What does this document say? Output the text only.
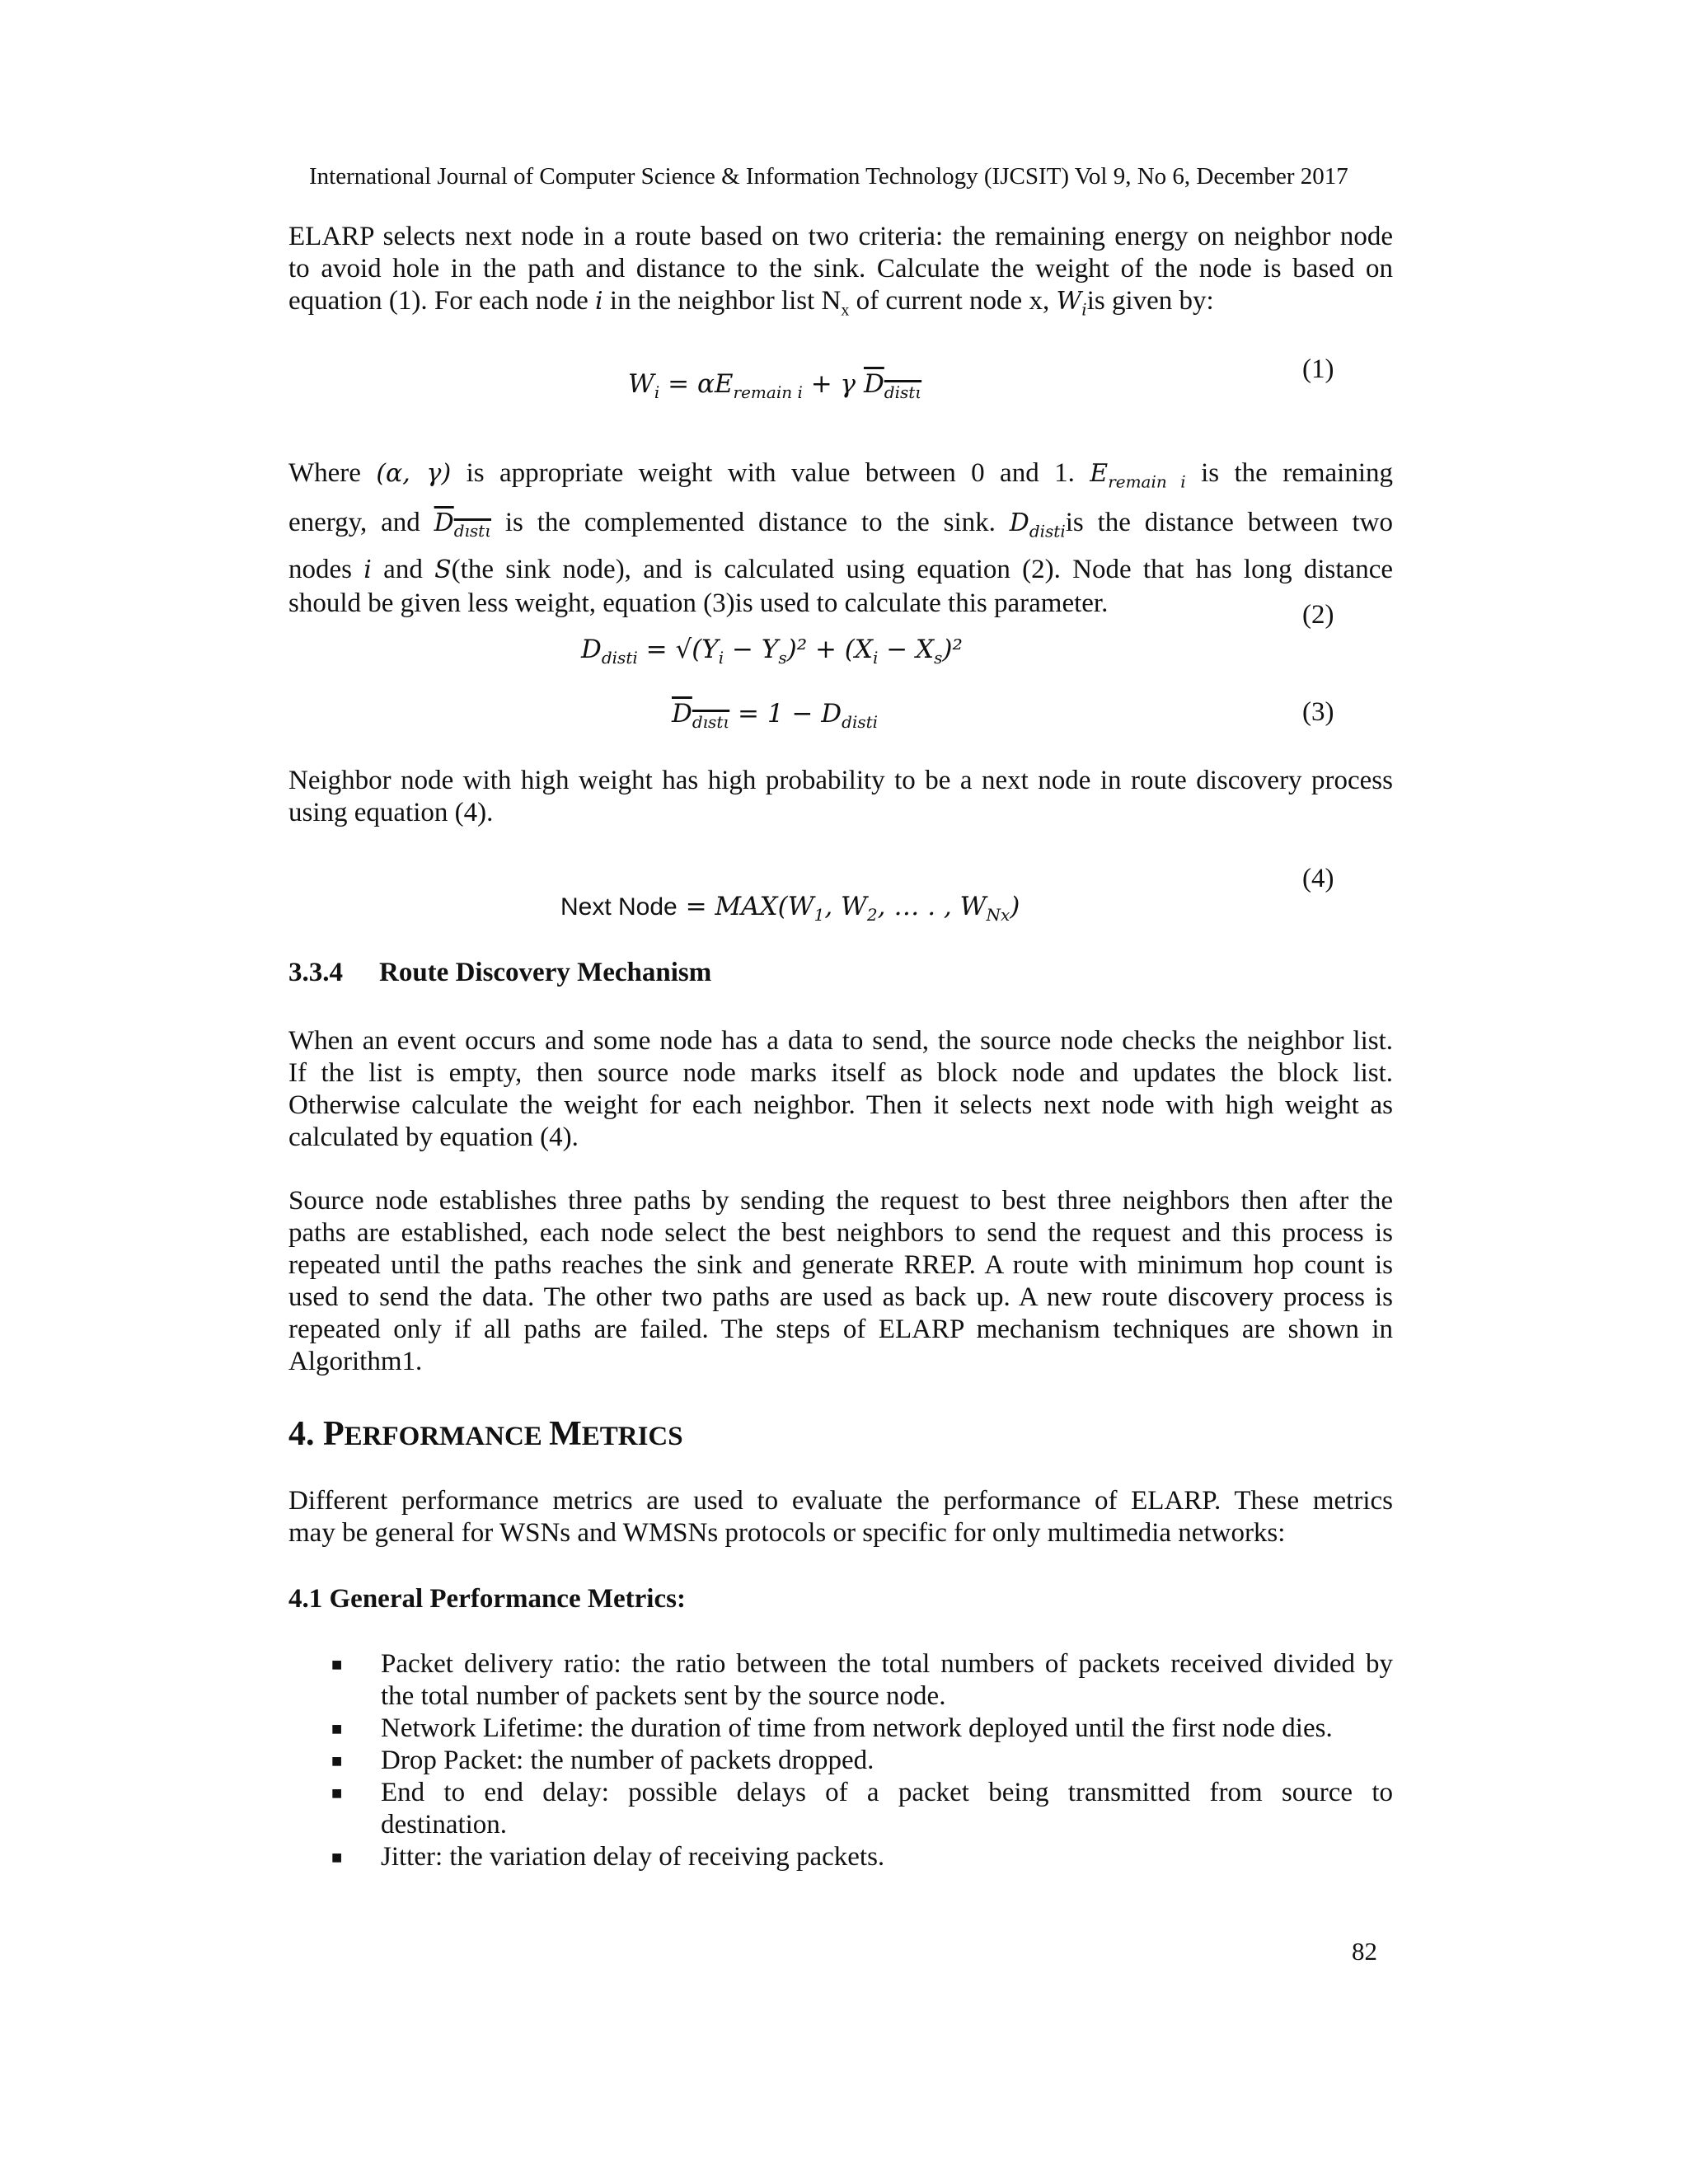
International Journal of Computer Science & Information Technology (IJCSIT) Vol 9, No 6, December 2017
ELARP selects next node in a route based on two criteria: the remaining energy on neighbor node
to avoid hole in the path and distance to the sink. Calculate the weight of the node is based on
equation (1). For each node i in the neighbor list $N_x$ of current node x, $W_iis$ given by:
$W_i = \alpha E_{remain i} + \gamma$ $D_{dist\iota}$
(1)
Where (α, γ) is appropriate weight with value between 0 and 1. $E_{remain i}$ is the remaining
energy, and $D_{dıst\iota}$ is the complemented distance to the sink. $D_{disti}is$ the distance between two
nodes i and S(the sink node), and is calculated using equation (2). Node that has long distance
should be given less weight, equation (3)is used to calculate this parameter.	(2)
$D_{disti} = √(Y_i - Y_s)^2 + (X_i - X_s)^2$
$D_{dıst\iota} = 1 - D_{disti}$	(3)
Neighbor node with high weight has high probability to be a next node in route discovery process
using equation (4).
(4)
Next Node = $MAX(W_1$, $W_2$, … . , $W_{Nx}$)
3.3.4 Route Discovery Mechanism
When an event occurs and some node has a data to send, the source node checks the neighbor list.
If the list is empty, then source node marks itself as block node and updates the block list.
Otherwise calculate the weight for each neighbor. Then it selects next node with high weight as
calculated by equation (4).
Source node establishes three paths by sending the request to best three neighbors then after the
paths are established, each node select the best neighbors to send the request and this process is
repeated until the paths reaches the sink and generate RREP. A route with minimum hop count is
used to send the data. The other two paths are used as back up. A new route discovery process is
repeated only if all paths are failed. The steps of ELARP mechanism techniques are shown in
Algorithm1.
4. PERFORMANCE METRICS
Different performance metrics are used to evaluate the performance of ELARP. These metrics
may be general for WSNs and WMSNs protocols or specific for only multimedia networks:
4.1 General Performance Metrics:
■ Packet delivery ratio: the ratio between the total numbers of packets received divided by
the total number of packets sent by the source node.
■ Network Lifetime: the duration of time from network deployed until the first node dies.
■ Drop Packet: the number of packets dropped.
■ End to end delay: possible delays of a packet being transmitted from source to
destination.
■ Jitter: the variation delay of receiving packets.
82
